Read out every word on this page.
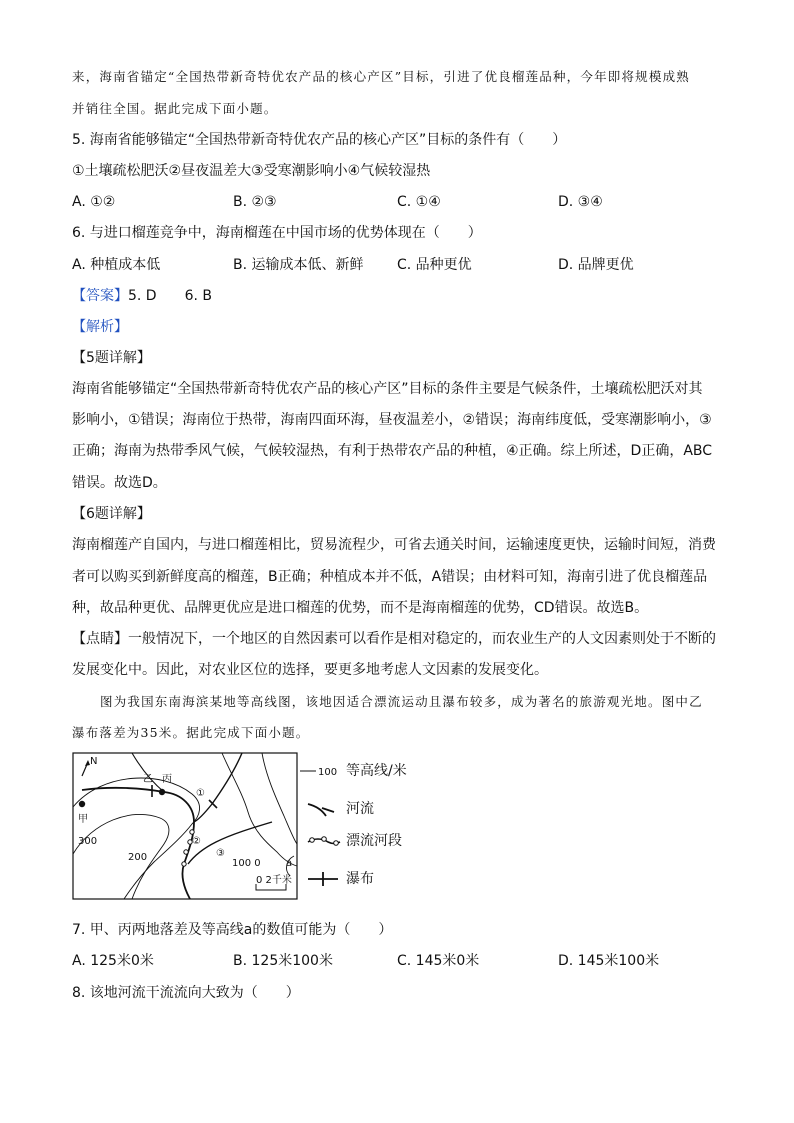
来，海南省锚定“全国热带新奇特优农产品的核心产区”目标，引进了优良榴莲品种，今年即将规模成熟
并销往全国。据此完成下面小题。
5. 海南省能够锚定“全国热带新奇特优农产品的核心产区”目标的条件有（　　）
①土壤疏松肥沃②昼夜温差大③受寒潮影响小④气候较湿热
A. ①②	B. ②③	C. ①④	D. ③④
6. 与进口榴莲竞争中，海南榴莲在中国市场的优势体现在（　　）
A. 种植成本低	B. 运输成本低、新鲜 C. 品种更优	D. 品牌更优
【答案】5. D　　6. B
【解析】
【5题详解】
海南省能够锚定“全国热带新奇特优农产品的核心产区”目标的条件主要是气候条件，土壤疏松肥沃对其
影响小，①错误；海南位于热带，海南四面环海，昼夜温差小，②错误；海南纬度低，受寒潮影响小，③
正确；海南为热带季风气候，气候较湿热，有利于热带农产品的种植，④正确。综上所述，D正确，ABC
错误。故选D。
【6题详解】
海南榴莲产自国内，与进口榴莲相比，贸易流程少，可省去通关时间，运输速度更快，运输时间短，消费
者可以购买到新鲜度高的榴莲，B正确；种植成本并不低，A错误；由材料可知，海南引进了优良榴莲品
种，故品种更优、品牌更优应是进口榴莲的优势，而不是海南榴莲的优势，CD错误。故选B。
【点睛】一般情况下，一个地区的自然因素可以看作是相对稳定的，而农业生产的人文因素则处于不断的
发展变化中。因此，对农业区位的选择，要更多地考虑人文因素的发展变化。
图为我国东南海滨某地等高线图，该地因适合漂流运动且瀑布较多，成为著名的旅游观光地。图中乙
瀑布落差为35米。据此完成下面小题。
N
甲
乙 丙
①
②
③
300
200
100 0	a
0 2千米
100 等高线/米
河流
漂流河段
瀑布
7. 甲、丙两地落差及等高线a的数值可能为（　　）
A. 125米0米	B. 125米100米	C. 145米0米	D. 145米100米
8. 该地河流干流流向大致为（　　）
